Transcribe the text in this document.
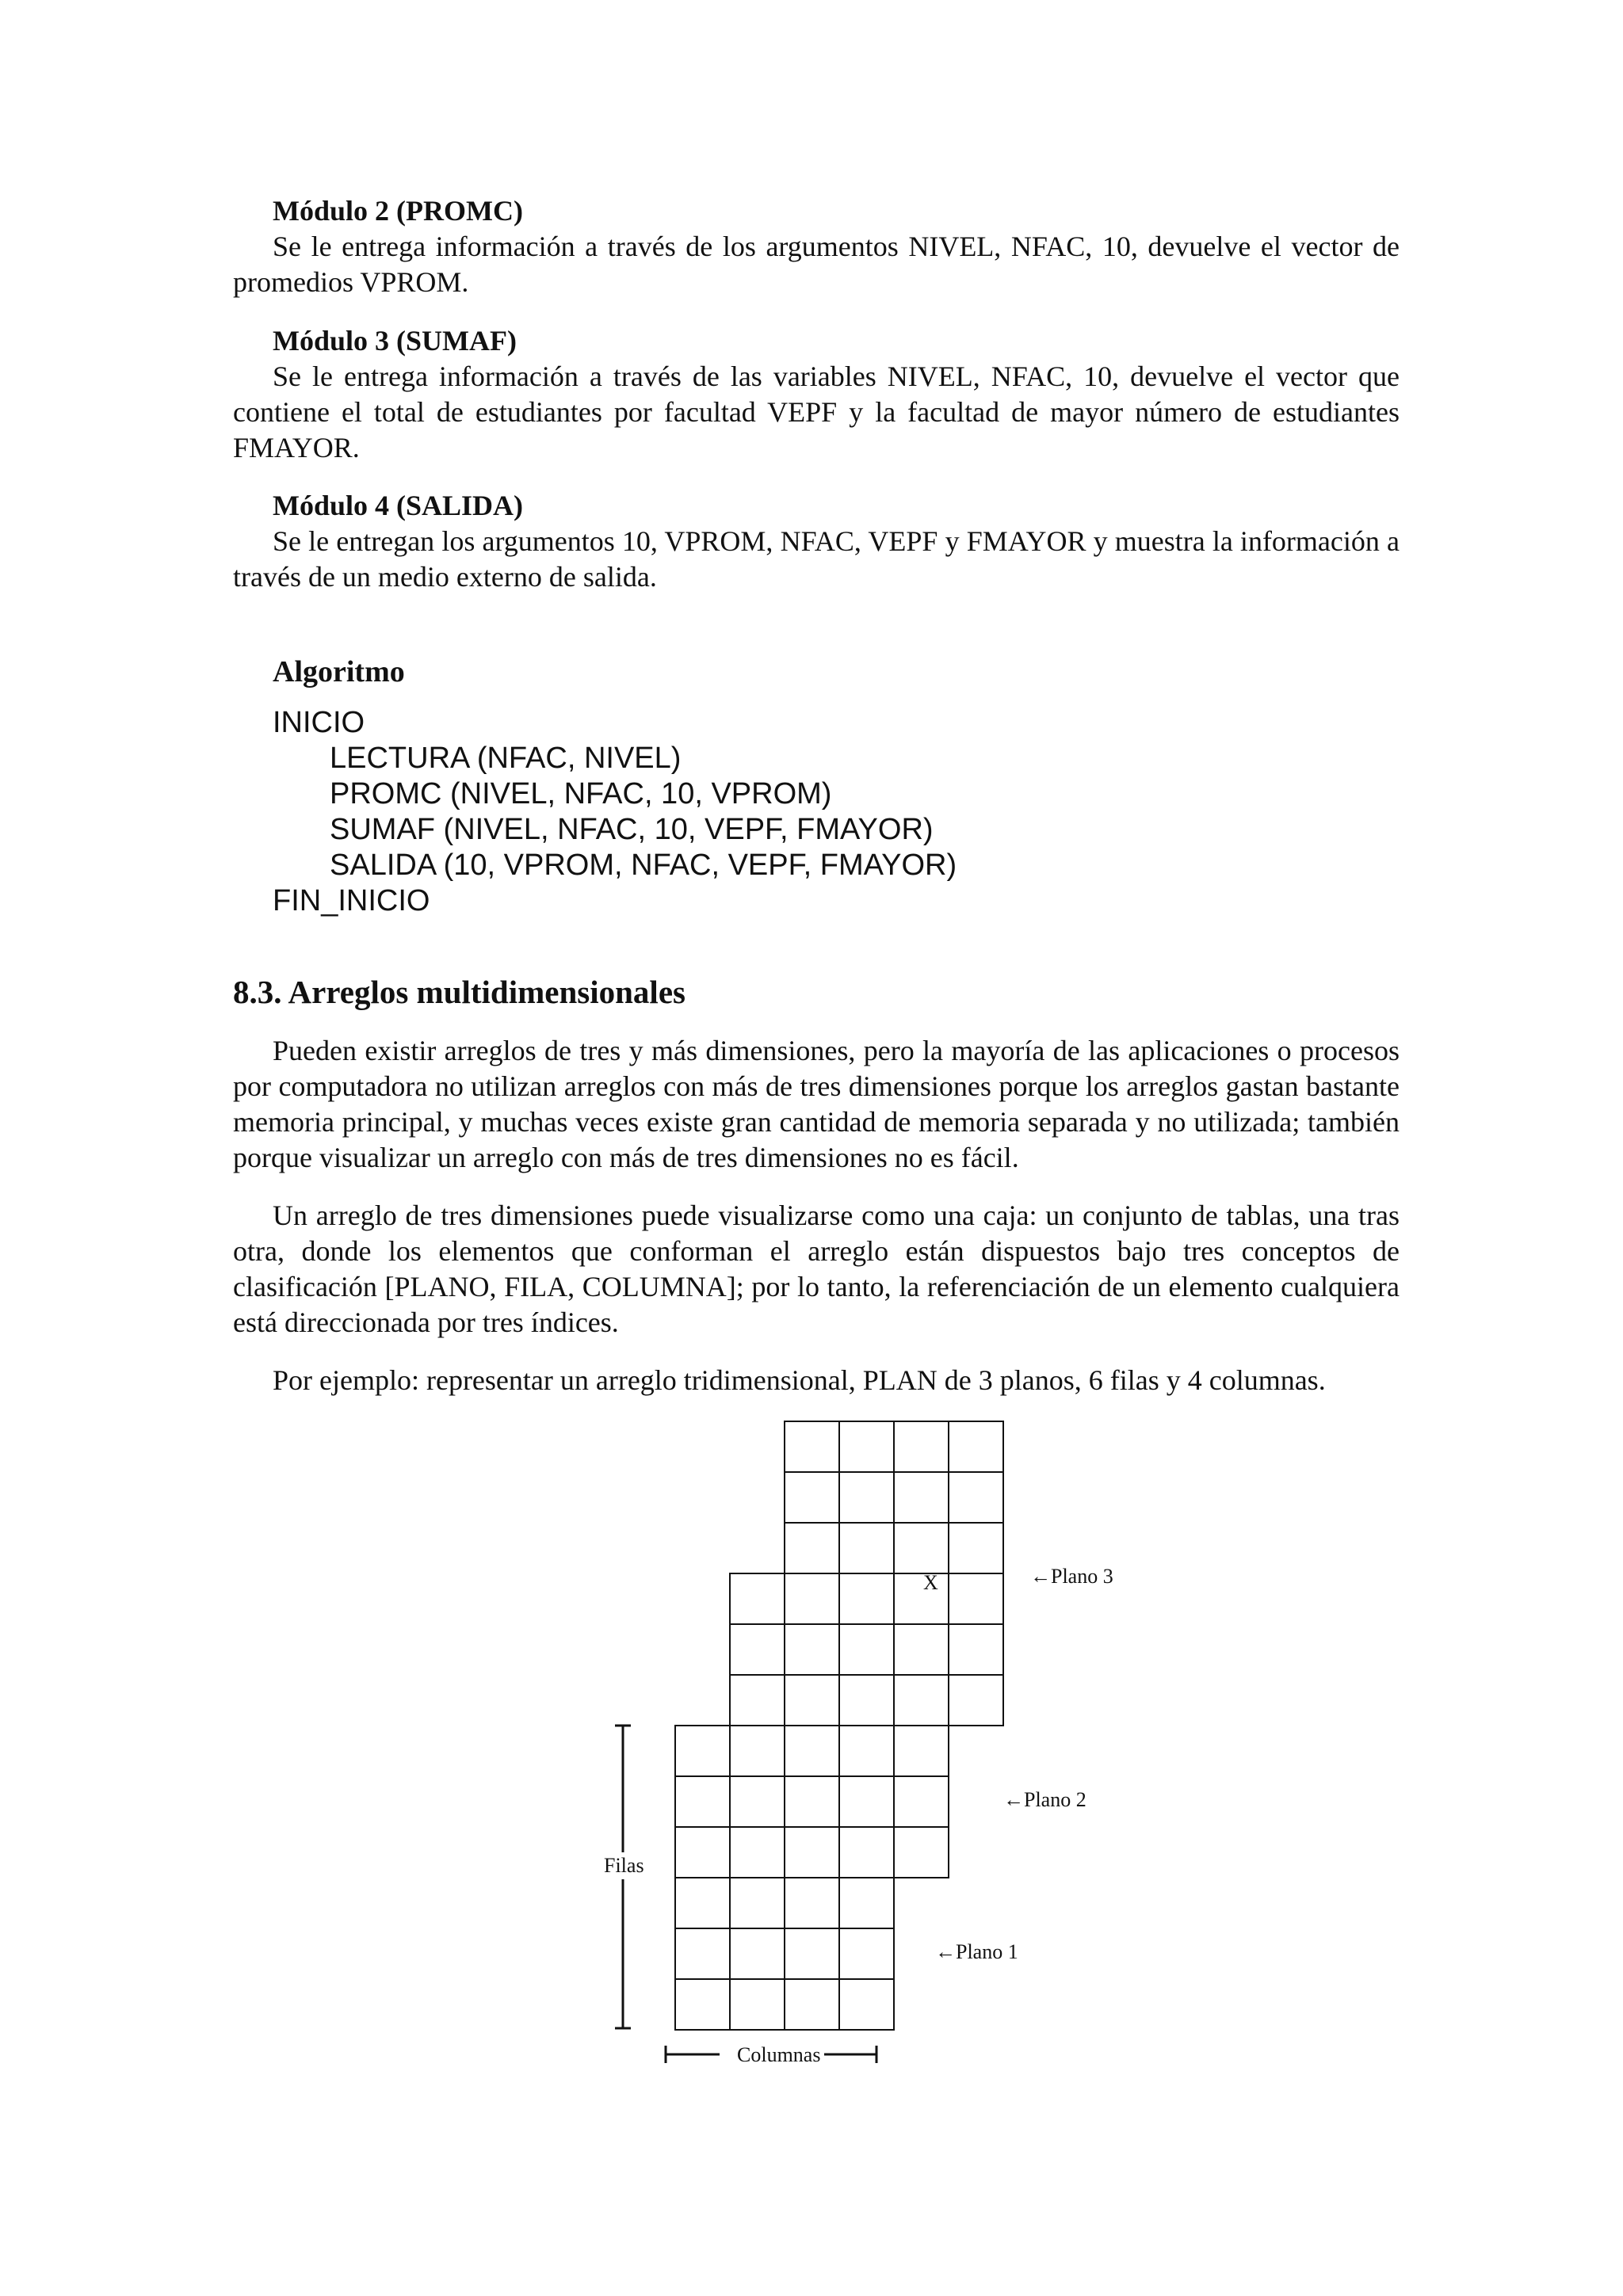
Módulo 2 (PROMC)

Se le entrega información a través de los argumentos NIVEL, NFAC, 10, devuelve el vector de promedios VPROM.

Módulo 3 (SUMAF)

Se le entrega información a través de las variables NIVEL, NFAC, 10, devuelve el vector que contiene el total de estudiantes por facultad VEPF y la facultad de mayor número de estudiantes FMAYOR.

Módulo 4 (SALIDA)

Se le entregan los argumentos 10, VPROM, NFAC, VEPF y FMAYOR y muestra la información a través de un medio externo de salida.

Algoritmo
INICIO
LECTURA (NFAC, NIVEL)
PROMC (NIVEL, NFAC, 10, VPROM)
SUMAF (NIVEL, NFAC, 10, VEPF, FMAYOR)
SALIDA (10, VPROM, NFAC, VEPF, FMAYOR)
FIN_INICIO
8.3. Arreglos multidimensionales

Pueden existir arreglos de tres y más dimensiones, pero la mayoría de las aplicaciones o procesos por computadora no utilizan arreglos con más de tres dimensiones porque los arreglos gastan bastante memoria principal, y muchas veces existe gran cantidad de memoria separada y no utilizada; también porque visualizar un arreglo con más de tres dimensiones no es fácil.

Un arreglo de tres dimensiones puede visualizarse como una caja: un conjunto de tablas, una tras otra, donde los elementos que conforman el arreglo están dispuestos bajo tres conceptos de clasificación [PLANO, FILA, COLUMNA]; por lo tanto, la referenciación de un elemento cualquiera está direccionada por tres índices.

Por ejemplo: representar un arreglo tridimensional, PLAN de 3 planos, 6 filas y 4 columnas.

X	←Plano 3
←Plano 2
←Plano 1
Filas
Columnas
